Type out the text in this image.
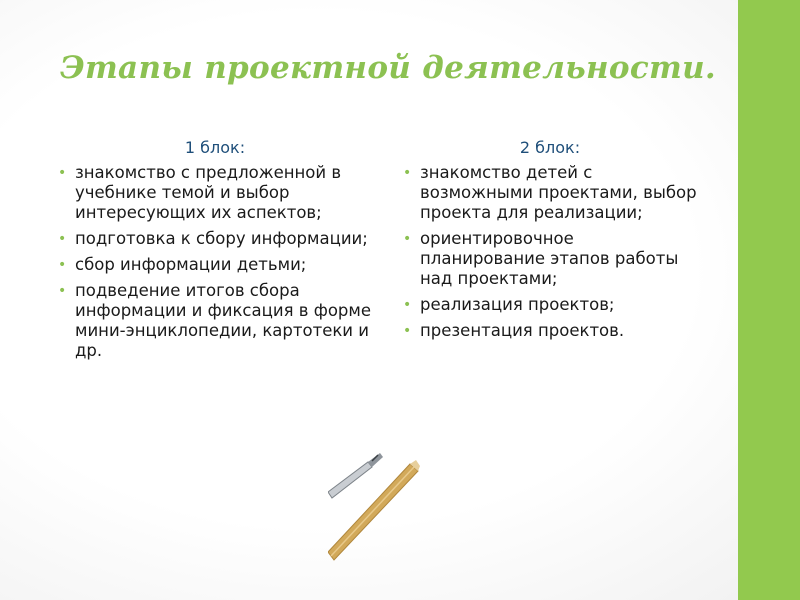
Этапы проектной деятельности.
1 блок:
• знакомство с предложенной в учебнике темой и выбор интересующих их аспектов;
• подготовка к сбору информации;
• сбор информации детьми;
• подведение итогов сбора информации и фиксация в форме мини-энциклопедии, картотеки и др.
2 блок:
• знакомство детей с возможными проектами, выбор проекта для реализации;
• ориентировочное планирование этапов работы над проектами;
• реализация проектов;
• презентация проектов.
